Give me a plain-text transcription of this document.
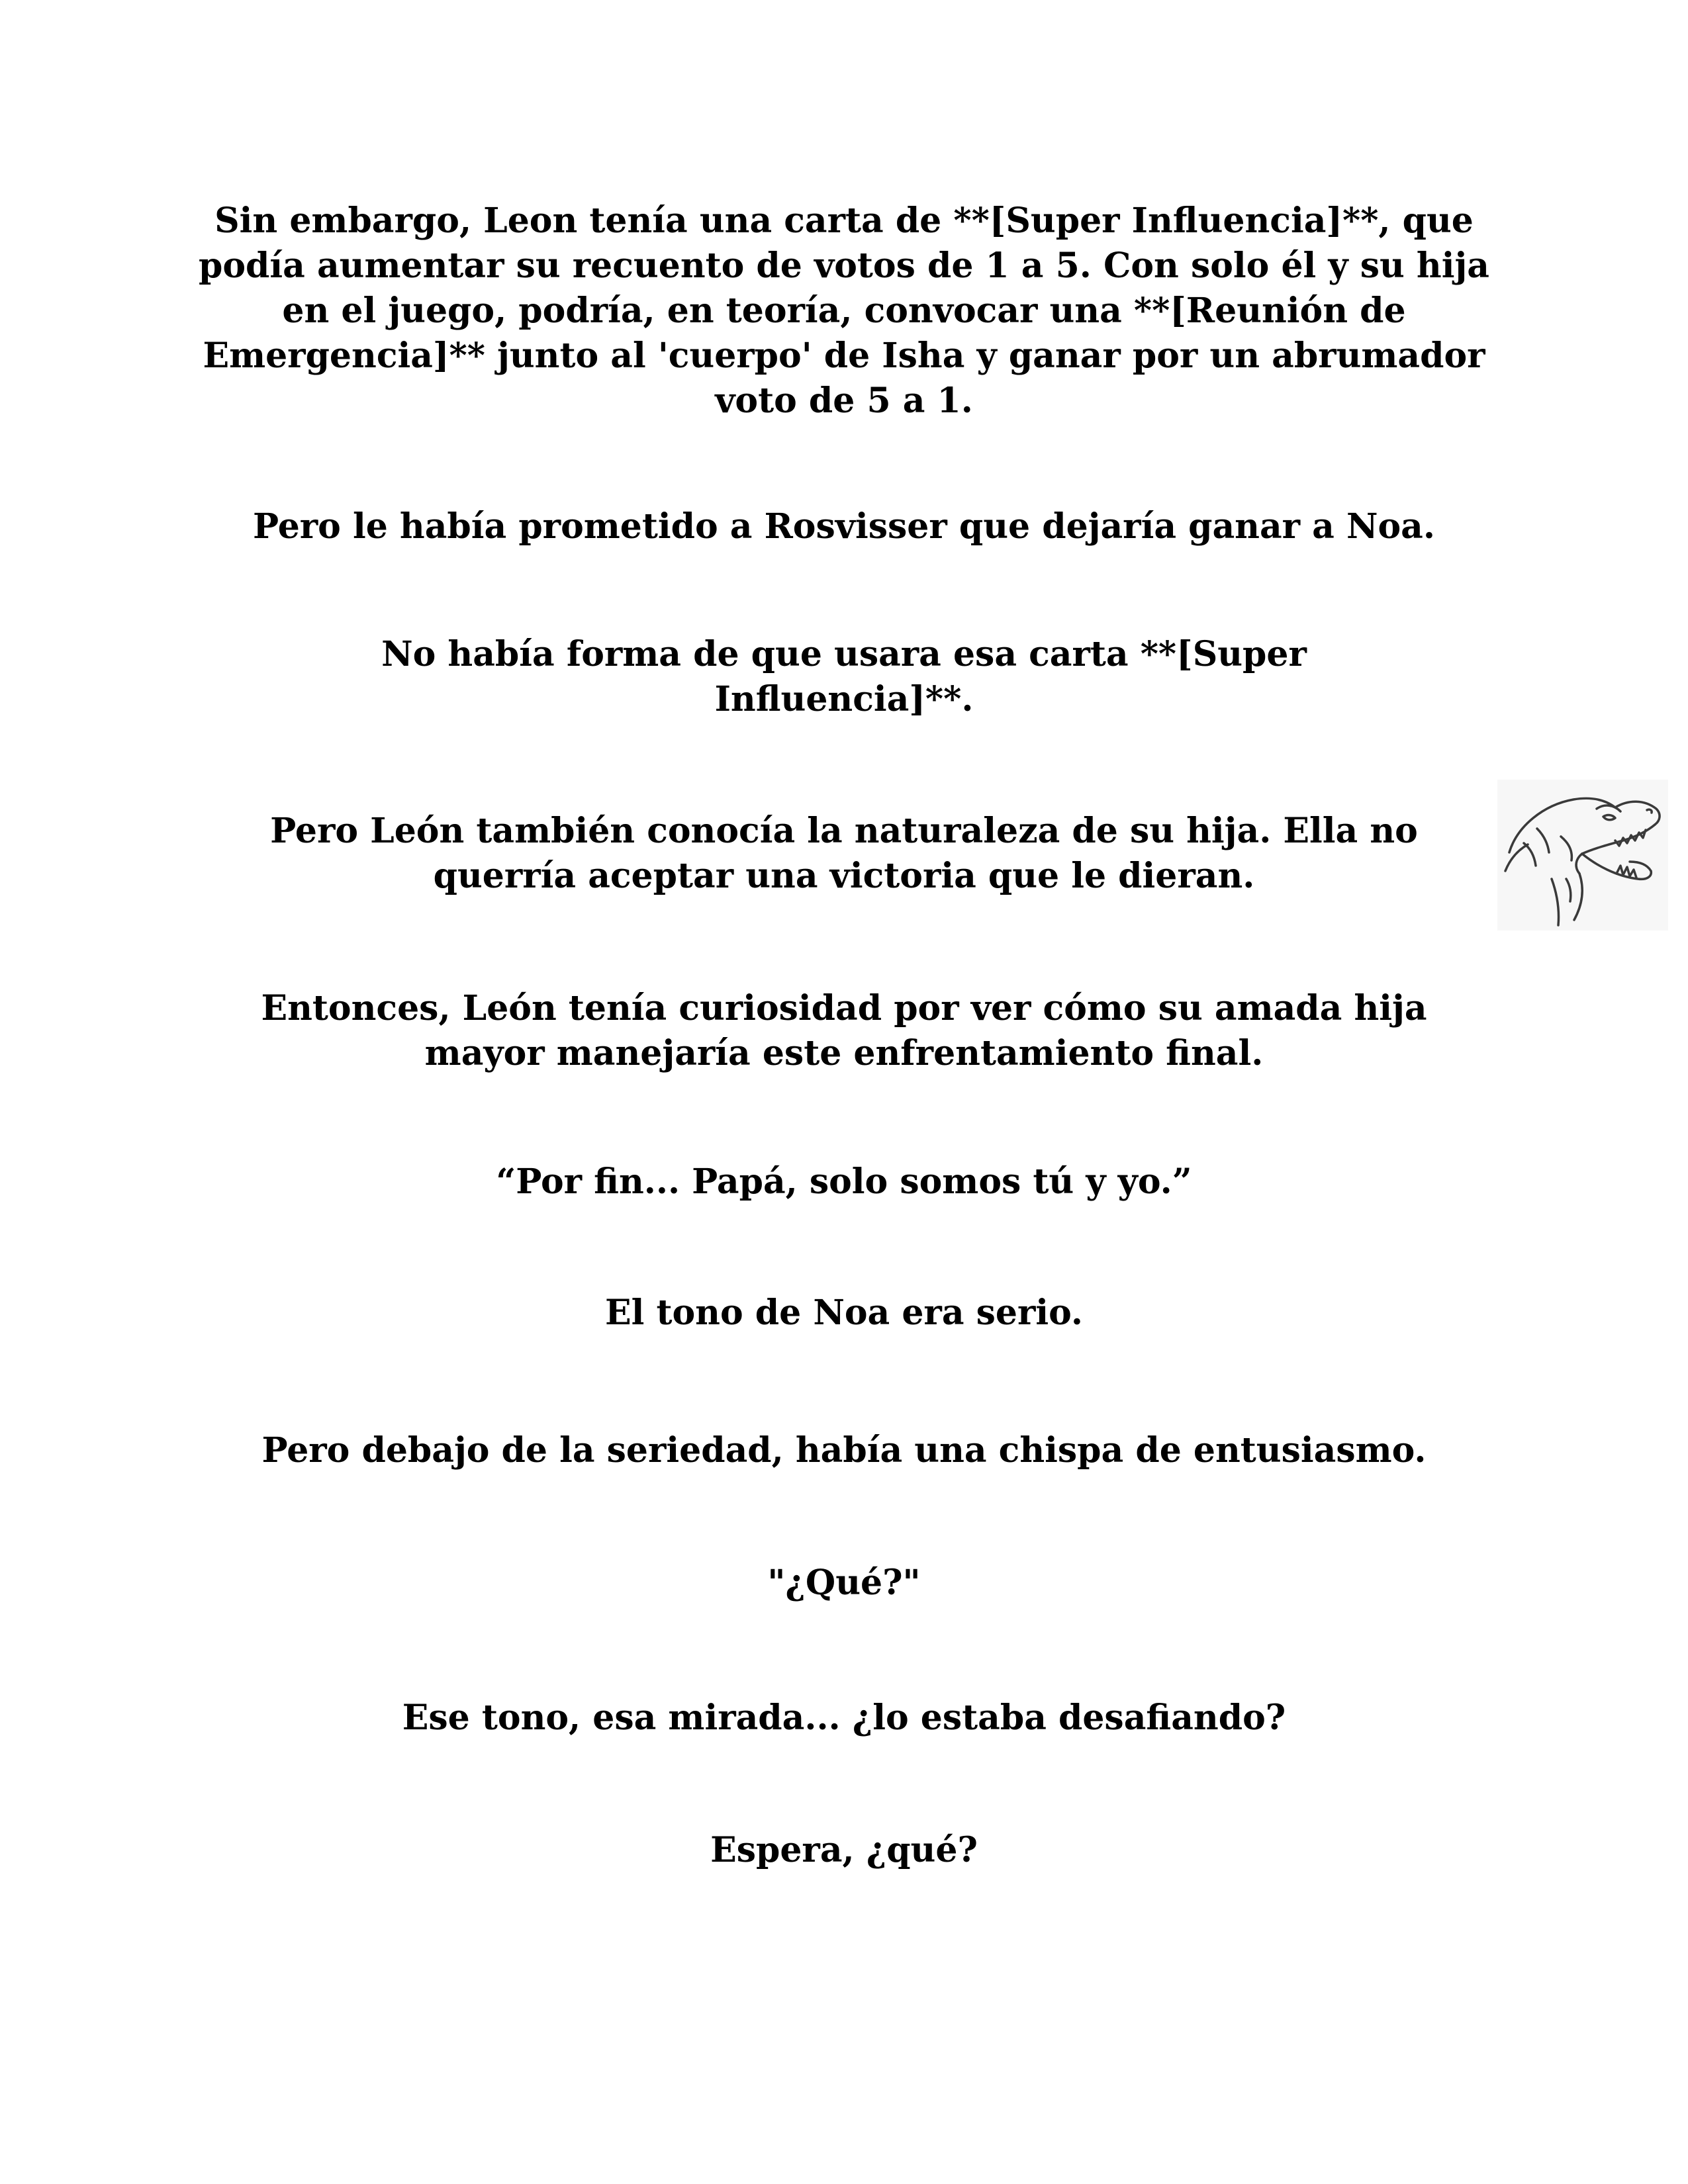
Sin embargo, Leon tenía una carta de **[Super Influencia]**, que podía aumentar su recuento de votos de 1 a 5. Con solo él y su hija en el juego, podría, en teoría, convocar una **[Reunión de Emergencia]** junto al 'cuerpo' de Isha y ganar por un abrumador voto de 5 a 1.

Pero le había prometido a Rosvisser que dejaría ganar a Noa.

No había forma de que usara esa carta **[Super Influencia]**.

Pero León también conocía la naturaleza de su hija. Ella no querría aceptar una victoria que le dieran.

Entonces, León tenía curiosidad por ver cómo su amada hija mayor manejaría este enfrentamiento final.

“Por fin... Papá, solo somos tú y yo.”

El tono de Noa era serio.

Pero debajo de la seriedad, había una chispa de entusiasmo.

"¿Qué?"

Ese tono, esa mirada... ¿lo estaba desafiando?

Espera, ¿qué?
